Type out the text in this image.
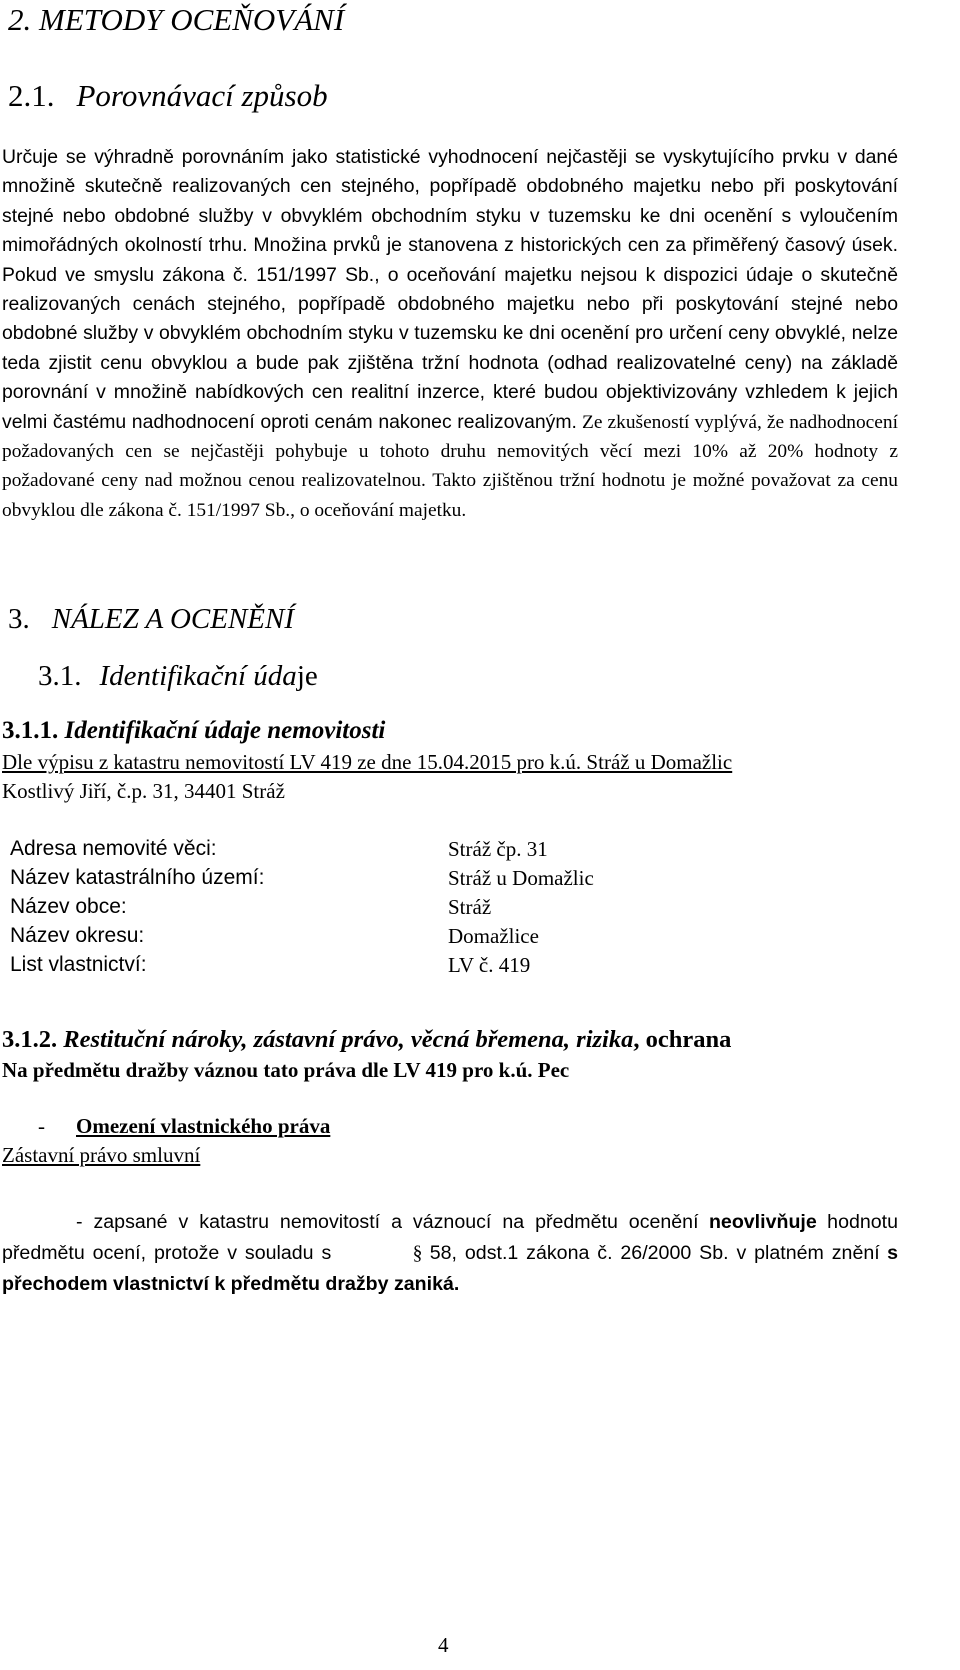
2. METODY OCEŇOVÁNÍ
2.1. Porovnávací způsob
Určuje se výhradně porovnáním jako statistické vyhodnocení nejčastěji se vyskytujícího prvku v dané množině skutečně realizovaných cen stejného, popřípadě obdobného majetku nebo při poskytování stejné nebo obdobné služby v obvyklém obchodním styku v tuzemsku ke dni ocenění s vyloučením mimořádných okolností trhu. Množina prvků je stanovena z historických cen za přiměřený časový úsek. Pokud ve smyslu zákona č. 151/1997 Sb., o oceňování majetku nejsou k dispozici údaje o skutečně realizovaných cenách stejného, popřípadě obdobného majetku nebo při poskytování stejné nebo obdobné služby v obvyklém obchodním styku v tuzemsku ke dni ocenění pro určení ceny obvyklé, nelze teda zjistit cenu obvyklou a bude pak zjištěna tržní hodnota (odhad realizovatelné ceny) na základě porovnání v množině nabídkových cen realitní inzerce, které budou objektivizovány vzhledem k jejich velmi častému nadhodnocení oproti cenám nakonec realizovaným. Ze zkušeností vyplývá, že nadhodnocení požadovaných cen se nejčastěji pohybuje u tohoto druhu nemovitých věcí mezi 10% až 20% hodnoty z požadované ceny nad možnou cenou realizovatelnou. Takto zjištěnou tržní hodnotu je možné považovat za cenu obvyklou dle zákona č. 151/1997 Sb., o oceňování majetku.
3. NÁLEZ A OCENĚNÍ
3.1. Identifikační údaje
3.1.1. Identifikační údaje nemovitosti
Dle výpisu z katastru nemovitostí LV 419 ze dne 15.04.2015 pro k.ú. Stráž u Domažlic
Kostlivý Jiří, č.p. 31, 34401 Stráž
Adresa nemovité věci:	Stráž čp. 31
Název katastrálního území:	Stráž u Domažlic
Název obce:	Stráž
Název okresu:	Domažlice
List vlastnictví:	LV č. 419
3.1.2. Restituční nároky, zástavní právo, věcná břemena, rizika, ochrana
Na předmětu dražby váznou tato práva dle LV 419 pro k.ú. Pec
- Omezení vlastnického práva
Zástavní právo smluvní
- zapsané v katastru nemovitostí a váznoucí na předmětu ocenění neovlivňuje hodnotu předmětu ocení, protože v souladu s	§ 58, odst.1 zákona č. 26/2000 Sb. v platném znění s přechodem vlastnictví k předmětu dražby zaniká.
4
